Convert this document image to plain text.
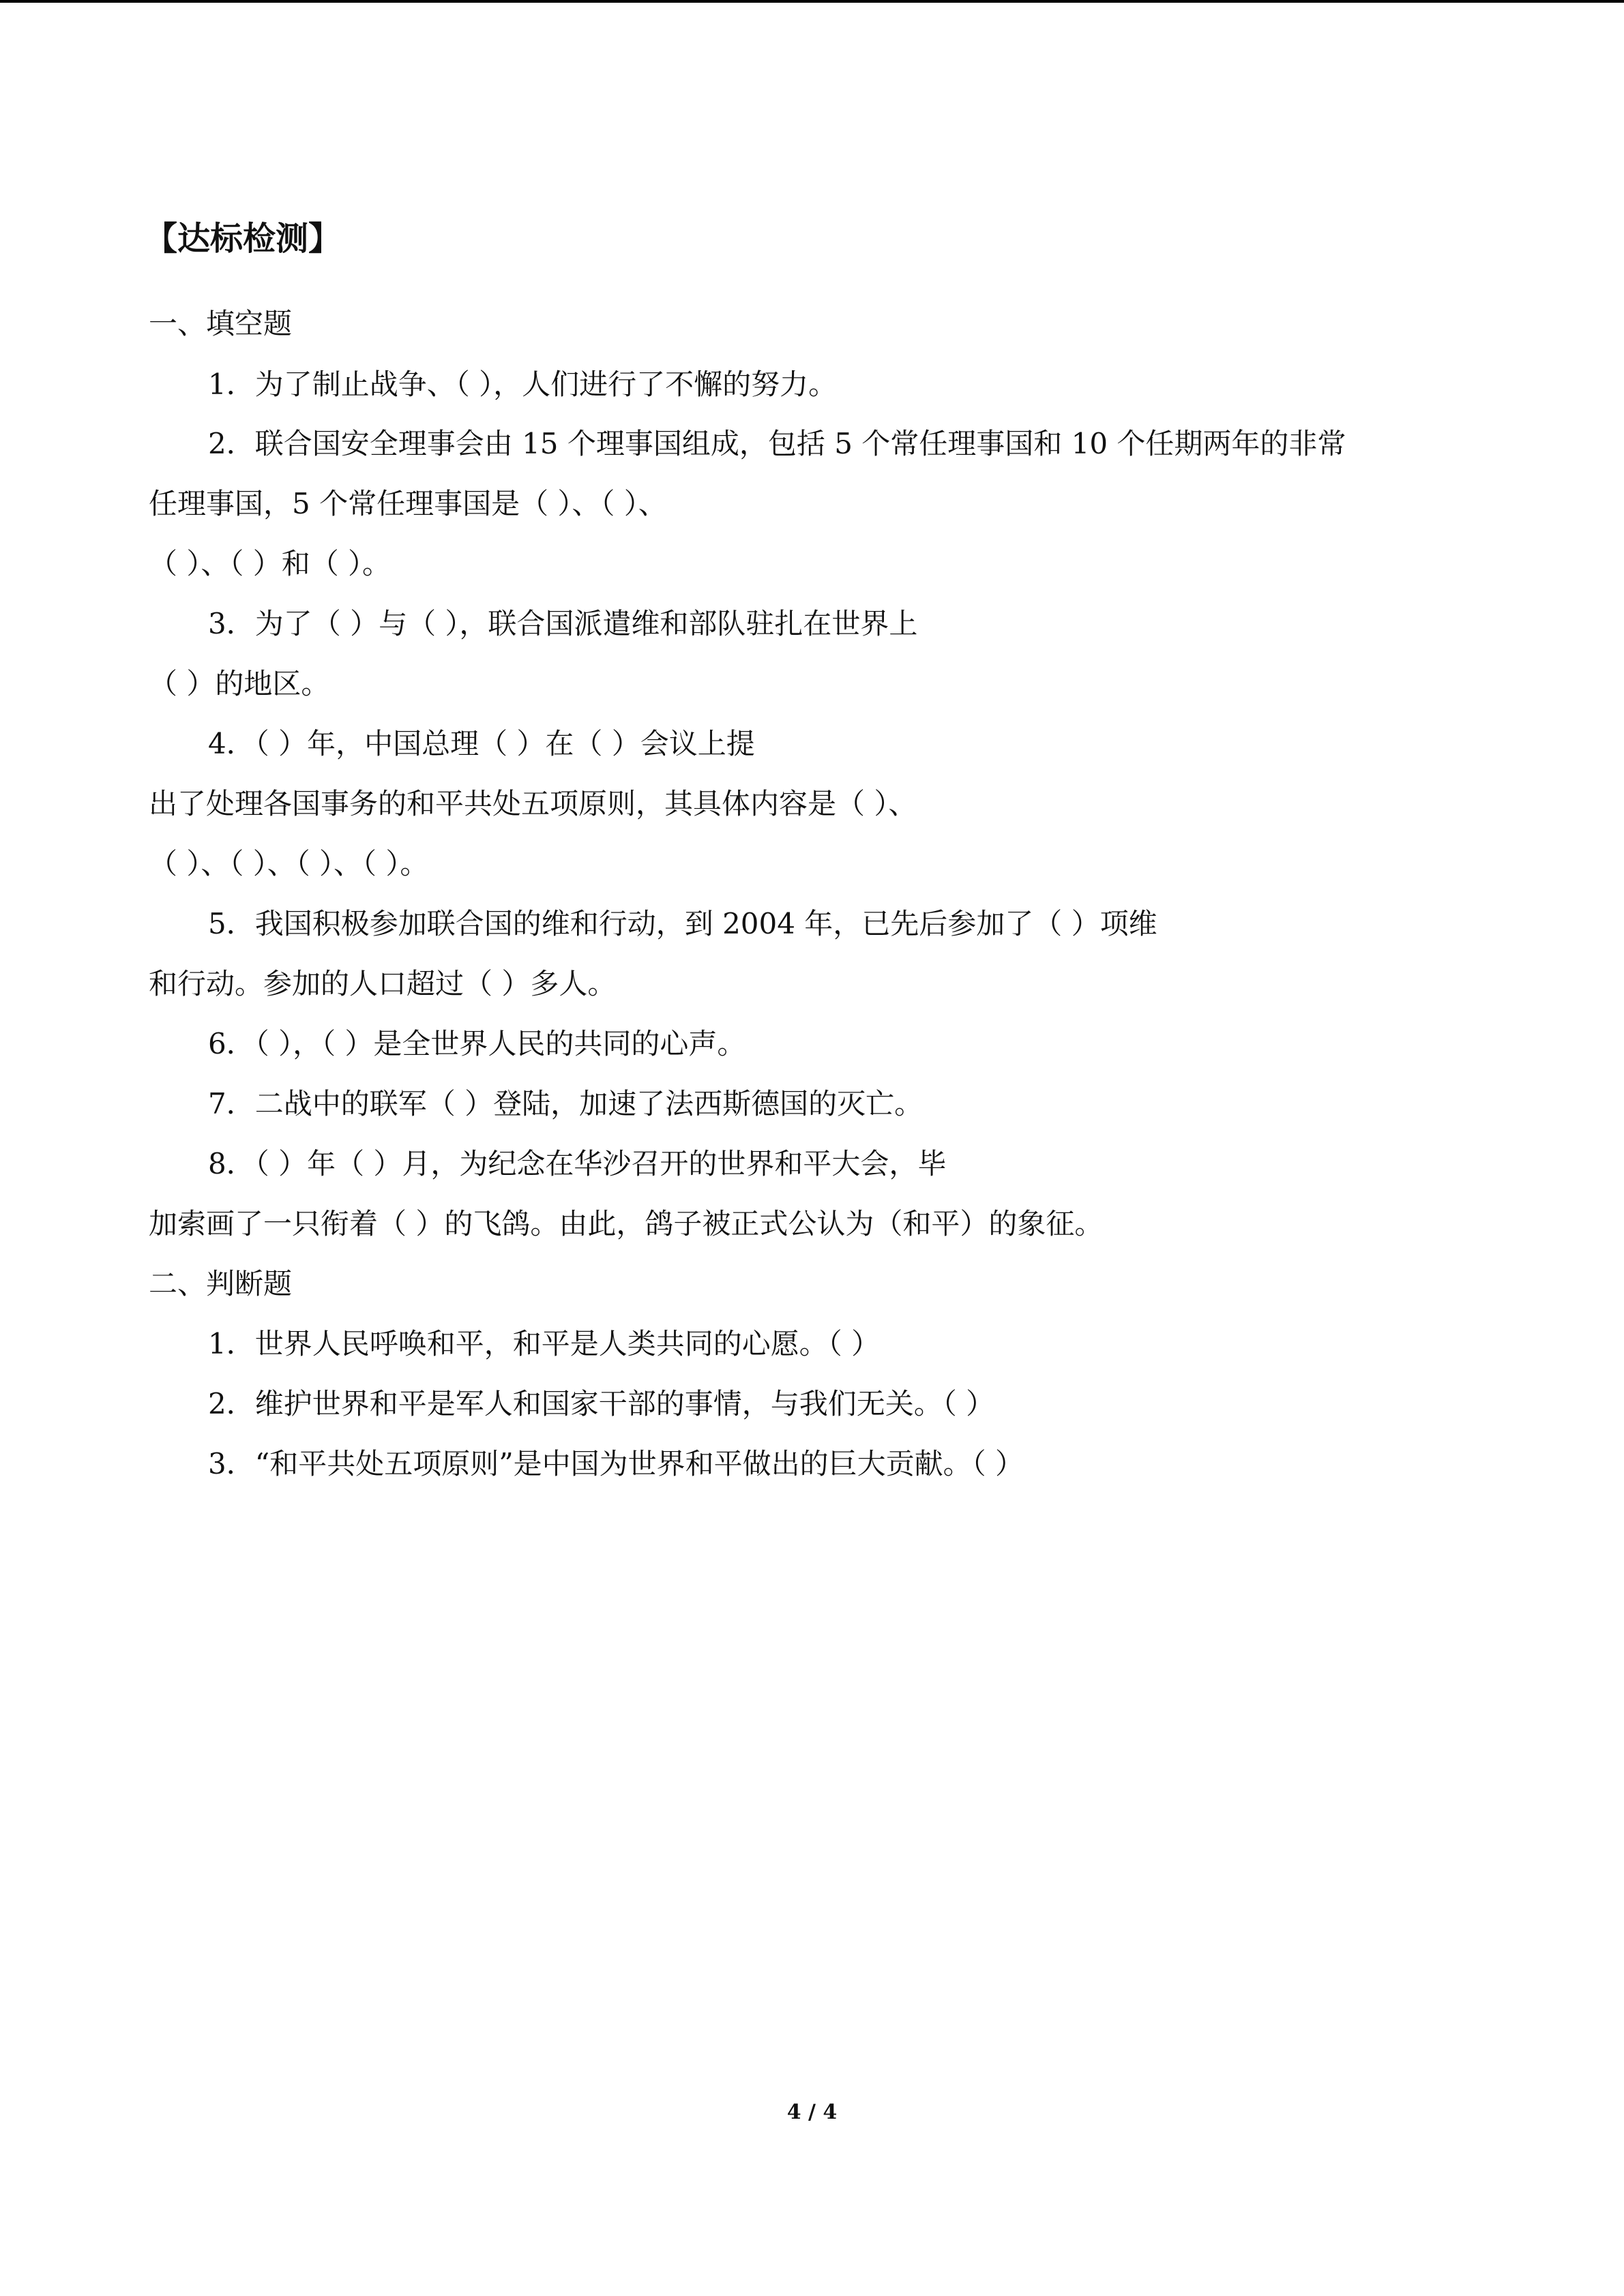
【达标检测】
一、填空题
1．为了制止战争、（ ），人们进行了不懈的努力。
2．联合国安全理事会由 15 个理事国组成，包括 5 个常任理事国和 10 个任期两年的非常
任理事国，5 个常任理事国是（ ）、（ ）、
（ ）、（ ）和（ ）。
3．为了（ ）与（ ），联合国派遣维和部队驻扎在世界上
（ ）的地区。
4．（ ）年，中国总理（ ）在（ ）会议上提
出了处理各国事务的和平共处五项原则，其具体内容是（ ）、
（ ）、（ ）、（ ）、（ ）。
5．我国积极参加联合国的维和行动，到 2004 年，已先后参加了（ ）项维
和行动。参加的人口超过（ ）多人。
6．（ ），（ ）是全世界人民的共同的心声。
7．二战中的联军（ ）登陆，加速了法西斯德国的灭亡。
8．（ ）年（ ）月，为纪念在华沙召开的世界和平大会，毕
加索画了一只衔着（ ）的飞鸽。由此，鸽子被正式公认为（和平）的象征。
二、判断题
1．世界人民呼唤和平，和平是人类共同的心愿。（ ）
2．维护世界和平是军人和国家干部的事情，与我们无关。（ ）
3．“和平共处五项原则”是中国为世界和平做出的巨大贡献。（ ）
4 / 4
